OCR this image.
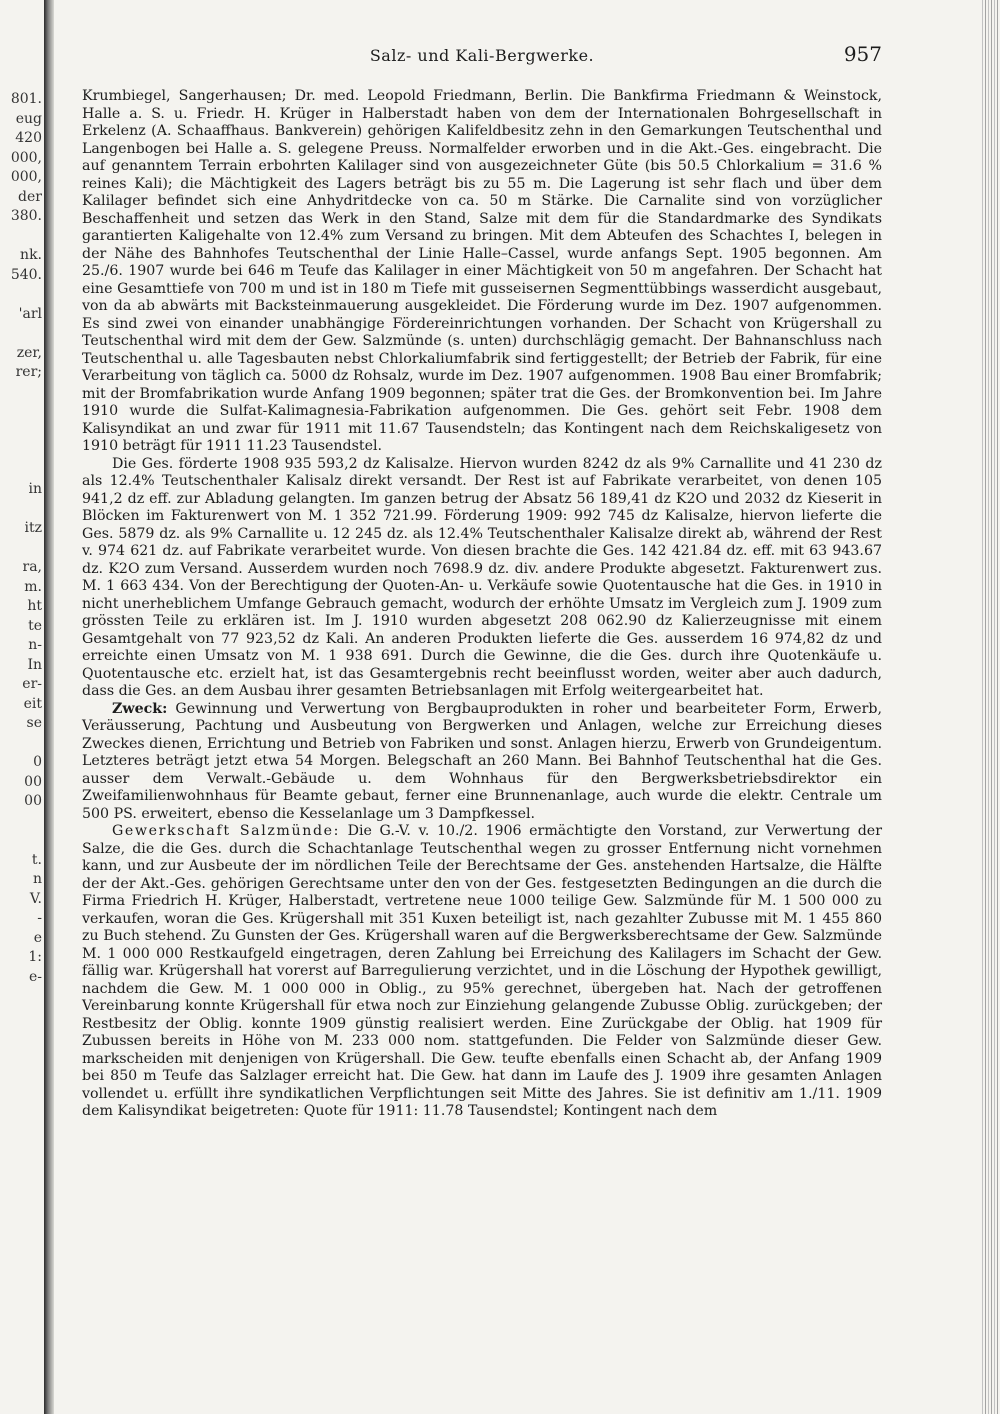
801.
eug
420
000,
000,
der
380.
nk.
540.
'arl
zer,
rer;
in
itz
ra,
m.
ht
te
n-
In
er-
eit
se
0
00
00
t.
n
V.
-
e
1:
e-
Salz- und Kali-Bergwerke.	957

Krumbiegel, Sangerhausen; Dr. med. Leopold Friedmann, Berlin. Die Bankfirma Friedmann & Weinstock, Halle a. S. u. Friedr. H. Krüger in Halberstadt haben von dem der Internationalen Bohrgesellschaft in Erkelenz (A. Schaaffhaus. Bankverein) gehörigen Kalifeldbesitz zehn in den Gemarkungen Teutschenthal und Langenbogen bei Halle a. S. gelegene Preuss. Normalfelder erworben und in die Akt.-Ges. eingebracht. Die auf genanntem Terrain erbohrten Kalilager sind von ausgezeichneter Güte (bis 50.5 Chlorkalium = 31.6 % reines Kali); die Mächtigkeit des Lagers beträgt bis zu 55 m. Die Lagerung ist sehr flach und über dem Kalilager befindet sich eine Anhydritdecke von ca. 50 m Stärke. Die Carnalite sind von vorzüglicher Beschaffenheit und setzen das Werk in den Stand, Salze mit dem für die Standardmarke des Syndikats garantierten Kaligehalte von 12.4% zum Versand zu bringen. Mit dem Abteufen des Schachtes I, belegen in der Nähe des Bahnhofes Teutschenthal der Linie Halle–Cassel, wurde anfangs Sept. 1905 begonnen. Am 25./6. 1907 wurde bei 646 m Teufe das Kalilager in einer Mächtigkeit von 50 m angefahren. Der Schacht hat eine Gesamttiefe von 700 m und ist in 180 m Tiefe mit gusseisernen Segmenttübbings wasserdicht ausgebaut, von da ab abwärts mit Backsteinmauerung ausgekleidet. Die Förderung wurde im Dez. 1907 aufgenommen. Es sind zwei von einander unabhängige Fördereinrichtungen vorhanden. Der Schacht von Krügershall zu Teutschenthal wird mit dem der Gew. Salzmünde (s. unten) durchschlägig gemacht. Der Bahnanschluss nach Teutschenthal u. alle Tagesbauten nebst Chlorkaliumfabrik sind fertiggestellt; der Betrieb der Fabrik, für eine Verarbeitung von täglich ca. 5000 dz Rohsalz, wurde im Dez. 1907 aufgenommen. 1908 Bau einer Bromfabrik; mit der Bromfabrikation wurde Anfang 1909 begonnen; später trat die Ges. der Bromkonvention bei. Im Jahre 1910 wurde die Sulfat-Kalimagnesia-Fabrikation aufgenommen. Die Ges. gehört seit Febr. 1908 dem Kalisyndikat an und zwar für 1911 mit 11.67 Tausendsteln; das Kontingent nach dem Reichskaligesetz von 1910 beträgt für 1911 11.23 Tausendstel.

Die Ges. förderte 1908 935 593,2 dz Kalisalze. Hiervon wurden 8242 dz als 9% Carnallite und 41 230 dz als 12.4% Teutschenthaler Kalisalz direkt versandt. Der Rest ist auf Fabrikate verarbeitet, von denen 105 941,2 dz eff. zur Abladung gelangten. Im ganzen betrug der Absatz 56 189,41 dz K2O und 2032 dz Kieserit in Blöcken im Fakturenwert von M. 1 352 721.99. Förderung 1909: 992 745 dz Kalisalze, hiervon lieferte die Ges. 5879 dz. als 9% Carnallite u. 12 245 dz. als 12.4% Teutschenthaler Kalisalze direkt ab, während der Rest v. 974 621 dz. auf Fabrikate verarbeitet wurde. Von diesen brachte die Ges. 142 421.84 dz. eff. mit 63 943.67 dz. K2O zum Versand. Ausserdem wurden noch 7698.9 dz. div. andere Produkte abgesetzt. Fakturenwert zus. M. 1 663 434. Von der Berechtigung der Quoten-An- u. Verkäufe sowie Quotentausche hat die Ges. in 1910 in nicht unerheblichem Umfange Gebrauch gemacht, wodurch der erhöhte Umsatz im Vergleich zum J. 1909 zum grössten Teile zu erklären ist. Im J. 1910 wurden abgesetzt 208 062.90 dz Kalierzeugnisse mit einem Gesamtgehalt von 77 923,52 dz Kali. An anderen Produkten lieferte die Ges. ausserdem 16 974,82 dz und erreichte einen Umsatz von M. 1 938 691. Durch die Gewinne, die die Ges. durch ihre Quotenkäufe u. Quotentausche etc. erzielt hat, ist das Gesamtergebnis recht beeinflusst worden, weiter aber auch dadurch, dass die Ges. an dem Ausbau ihrer gesamten Betriebsanlagen mit Erfolg weitergearbeitet hat.

Zweck: Gewinnung und Verwertung von Bergbauprodukten in roher und bearbeiteter Form, Erwerb, Veräusserung, Pachtung und Ausbeutung von Bergwerken und Anlagen, welche zur Erreichung dieses Zweckes dienen, Errichtung und Betrieb von Fabriken und sonst. Anlagen hierzu, Erwerb von Grundeigentum. Letzteres beträgt jetzt etwa 54 Morgen. Belegschaft an 260 Mann. Bei Bahnhof Teutschenthal hat die Ges. ausser dem Verwalt.-Gebäude u. dem Wohnhaus für den Bergwerksbetriebsdirektor ein Zweifamilienwohnhaus für Beamte gebaut, ferner eine Brunnenanlage, auch wurde die elektr. Centrale um 500 PS. erweitert, ebenso die Kesselanlage um 3 Dampfkessel.

Gewerkschaft Salzmünde: Die G.-V. v. 10./2. 1906 ermächtigte den Vorstand, zur Verwertung der Salze, die die Ges. durch die Schachtanlage Teutschenthal wegen zu grosser Entfernung nicht vornehmen kann, und zur Ausbeute der im nördlichen Teile der Berechtsame der Ges. anstehenden Hartsalze, die Hälfte der der Akt.-Ges. gehörigen Gerechtsame unter den von der Ges. festgesetzten Bedingungen an die durch die Firma Friedrich H. Krüger, Halberstadt, vertretene neue 1000 teilige Gew. Salzmünde für M. 1 500 000 zu verkaufen, woran die Ges. Krügershall mit 351 Kuxen beteiligt ist, nach gezahlter Zubusse mit M. 1 455 860 zu Buch stehend. Zu Gunsten der Ges. Krügershall waren auf die Bergwerksberechtsame der Gew. Salzmünde M. 1 000 000 Restkaufgeld eingetragen, deren Zahlung bei Erreichung des Kalilagers im Schacht der Gew. fällig war. Krügershall hat vorerst auf Barregulierung verzichtet, und in die Löschung der Hypothek gewilligt, nachdem die Gew. M. 1 000 000 in Oblig., zu 95% gerechnet, übergeben hat. Nach der getroffenen Vereinbarung konnte Krügershall für etwa noch zur Einziehung gelangende Zubusse Oblig. zurückgeben; der Restbesitz der Oblig. konnte 1909 günstig realisiert werden. Eine Zurückgabe der Oblig. hat 1909 für Zubussen bereits in Höhe von M. 233 000 nom. stattgefunden. Die Felder von Salzmünde dieser Gew. markscheiden mit denjenigen von Krügershall. Die Gew. teufte ebenfalls einen Schacht ab, der Anfang 1909 bei 850 m Teufe das Salzlager erreicht hat. Die Gew. hat dann im Laufe des J. 1909 ihre gesamten Anlagen vollendet u. erfüllt ihre syndikatlichen Verpflichtungen seit Mitte des Jahres. Sie ist definitiv am 1./11. 1909 dem Kalisyndikat beigetreten: Quote für 1911: 11.78 Tausendstel; Kontingent nach dem
